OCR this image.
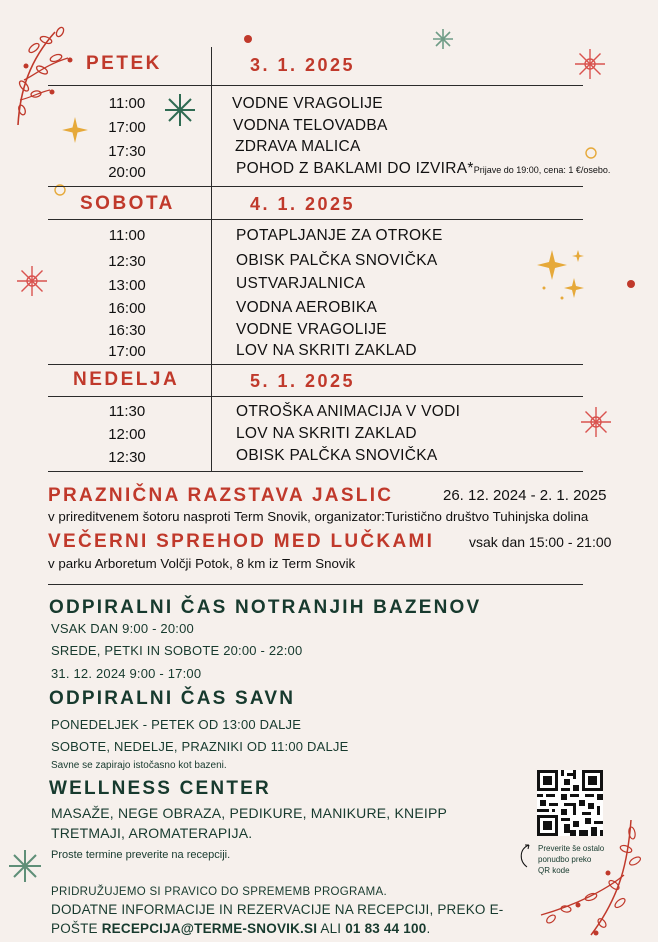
PETEK	3. 1. 2025
11:00	VODNE VRAGOLIJE
17:00	VODNA TELOVADBA
17:30	ZDRAVA MALICA
20:00	POHOD Z BAKLAMI DO IZVIRA*Prijave do 19:00, cena: 1 €/osebo.
SOBOTA	4. 1. 2025
11:00	POTAPLJANJE ZA OTROKE
12:30	OBISK PALČKA SNOVIČKA
13:00	USTVARJALNICA
16:00	VODNA AEROBIKA
16:30	VODNE VRAGOLIJE
17:00	LOV NA SKRITI ZAKLAD
NEDELJA	5. 1. 2025
11:30	OTROŠKA ANIMACIJA V VODI
12:00	LOV NA SKRITI ZAKLAD
12:30	OBISK PALČKA SNOVIČKA
PRAZNIČNA RAZSTAVA JASLIC	26. 12. 2024 - 2. 1. 2025
v prireditvenem šotoru nasproti Term Snovik, organizator:Turistično društvo Tuhinjska dolina
VEČERNI SPREHOD MED LUČKAMI vsak dan 15:00 - 21:00
v parku Arboretum Volčji Potok, 8 km iz Term Snovik
ODPIRALNI ČAS NOTRANJIH BAZENOV
VSAK DAN 9:00 - 20:00
SREDE, PETKI IN SOBOTE 20:00 - 22:00
31. 12. 2024 9:00 - 17:00
ODPIRALNI ČAS SAVN
PONEDELJEK - PETEK OD 13:00 DALJE
SOBOTE, NEDELJE, PRAZNIKI OD 11:00 DALJE
Savne se zapirajo istočasno kot bazeni.
WELLNESS CENTER
MASAŽE, NEGE OBRAZA, PEDIKURE, MANIKURE, KNEIPP
TRETMAJI, AROMATERAPIJA.
Proste termine preverite na recepciji.
Preverite še ostalo
ponudbo preko
QR kode
PRIDRUŽUJEMO SI PRAVICO DO SPREMEMB PROGRAMA.
DODATNE INFORMACIJE IN REZERVACIJE NA RECEPCIJI, PREKO E-
POŠTE RECEPCIJA@TERME-SNOVIK.SI ALI 01 83 44 100.
